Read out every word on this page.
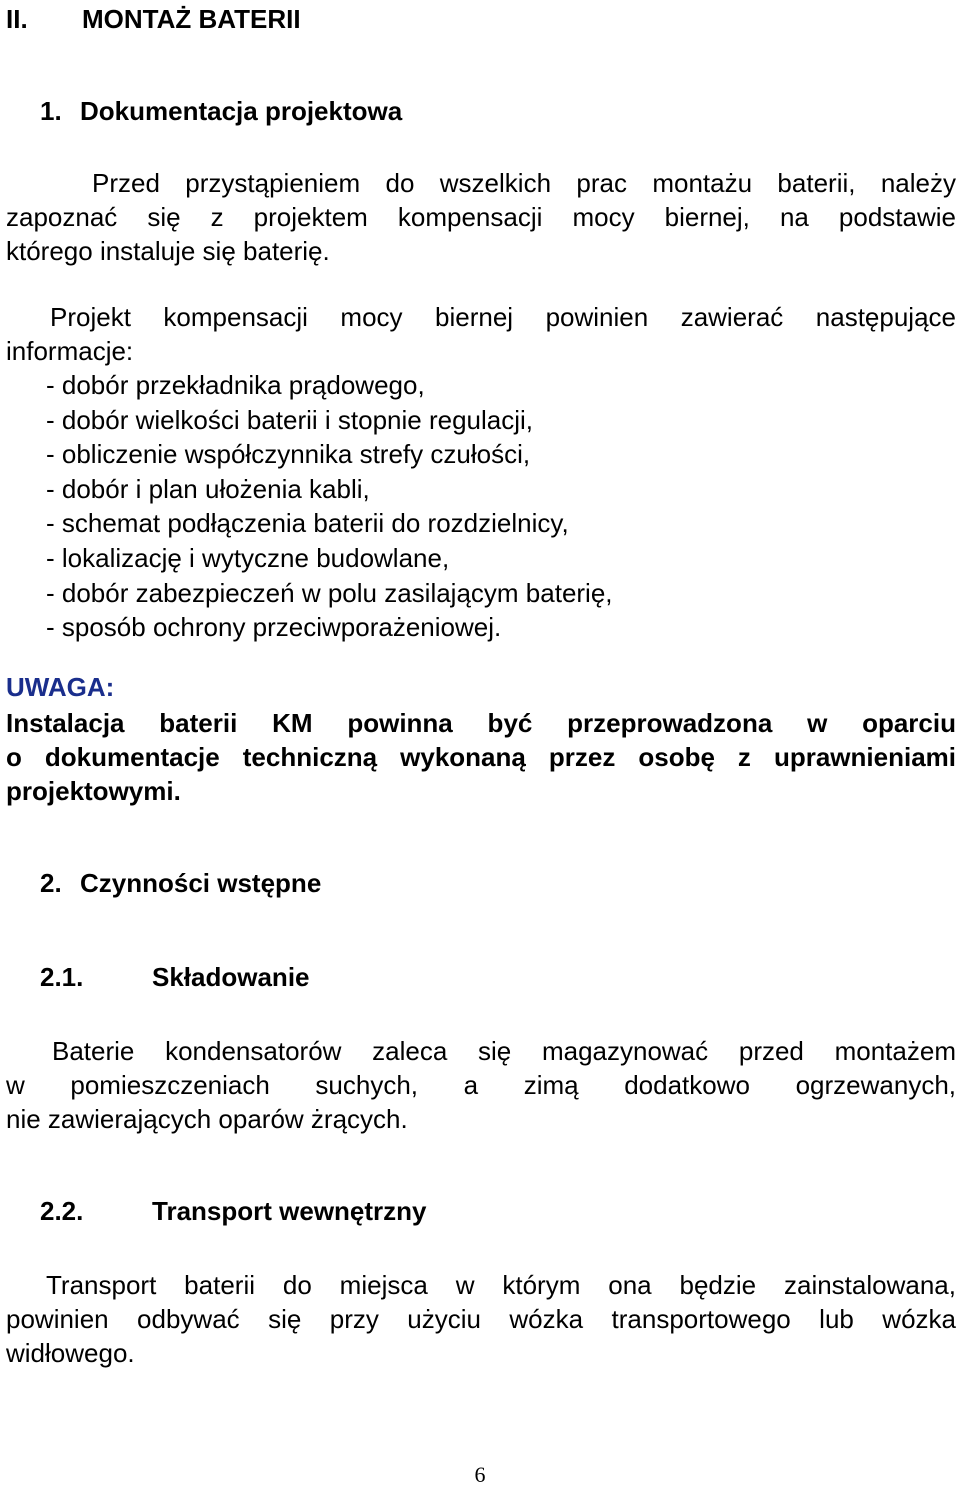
II. MONTAŻ BATERII
1. Dokumentacja projektowa
Przed przystąpieniem do wszelkich prac montażu baterii, należy
zapoznać się z projektem kompensacji mocy biernej, na podstawie
którego instaluje się baterię.
Projekt kompensacji mocy biernej powinien zawierać następujące
informacje:
- dobór przekładnika prądowego,
- dobór wielkości baterii i stopnie regulacji,
- obliczenie współczynnika strefy czułości,
- dobór i plan ułożenia kabli,
- schemat podłączenia baterii do rozdzielnicy,
- lokalizację i wytyczne budowlane,
- dobór zabezpieczeń w polu zasilającym baterię,
- sposób ochrony przeciwporażeniowej.
UWAGA:
Instalacja baterii KM powinna być przeprowadzona w oparciu
o dokumentacje techniczną wykonaną przez osobę z uprawnieniami
projektowymi.
2. Czynności wstępne
2.1.	Składowanie
Baterie kondensatorów zaleca się magazynować przed montażem
w pomieszczeniach suchych, a zimą dodatkowo ogrzewanych,
nie zawierających oparów żrących.
2.2.	Transport wewnętrzny
Transport baterii do miejsca w którym ona będzie zainstalowana,
powinien odbywać się przy użyciu wózka transportowego lub wózka
widłowego.
6
